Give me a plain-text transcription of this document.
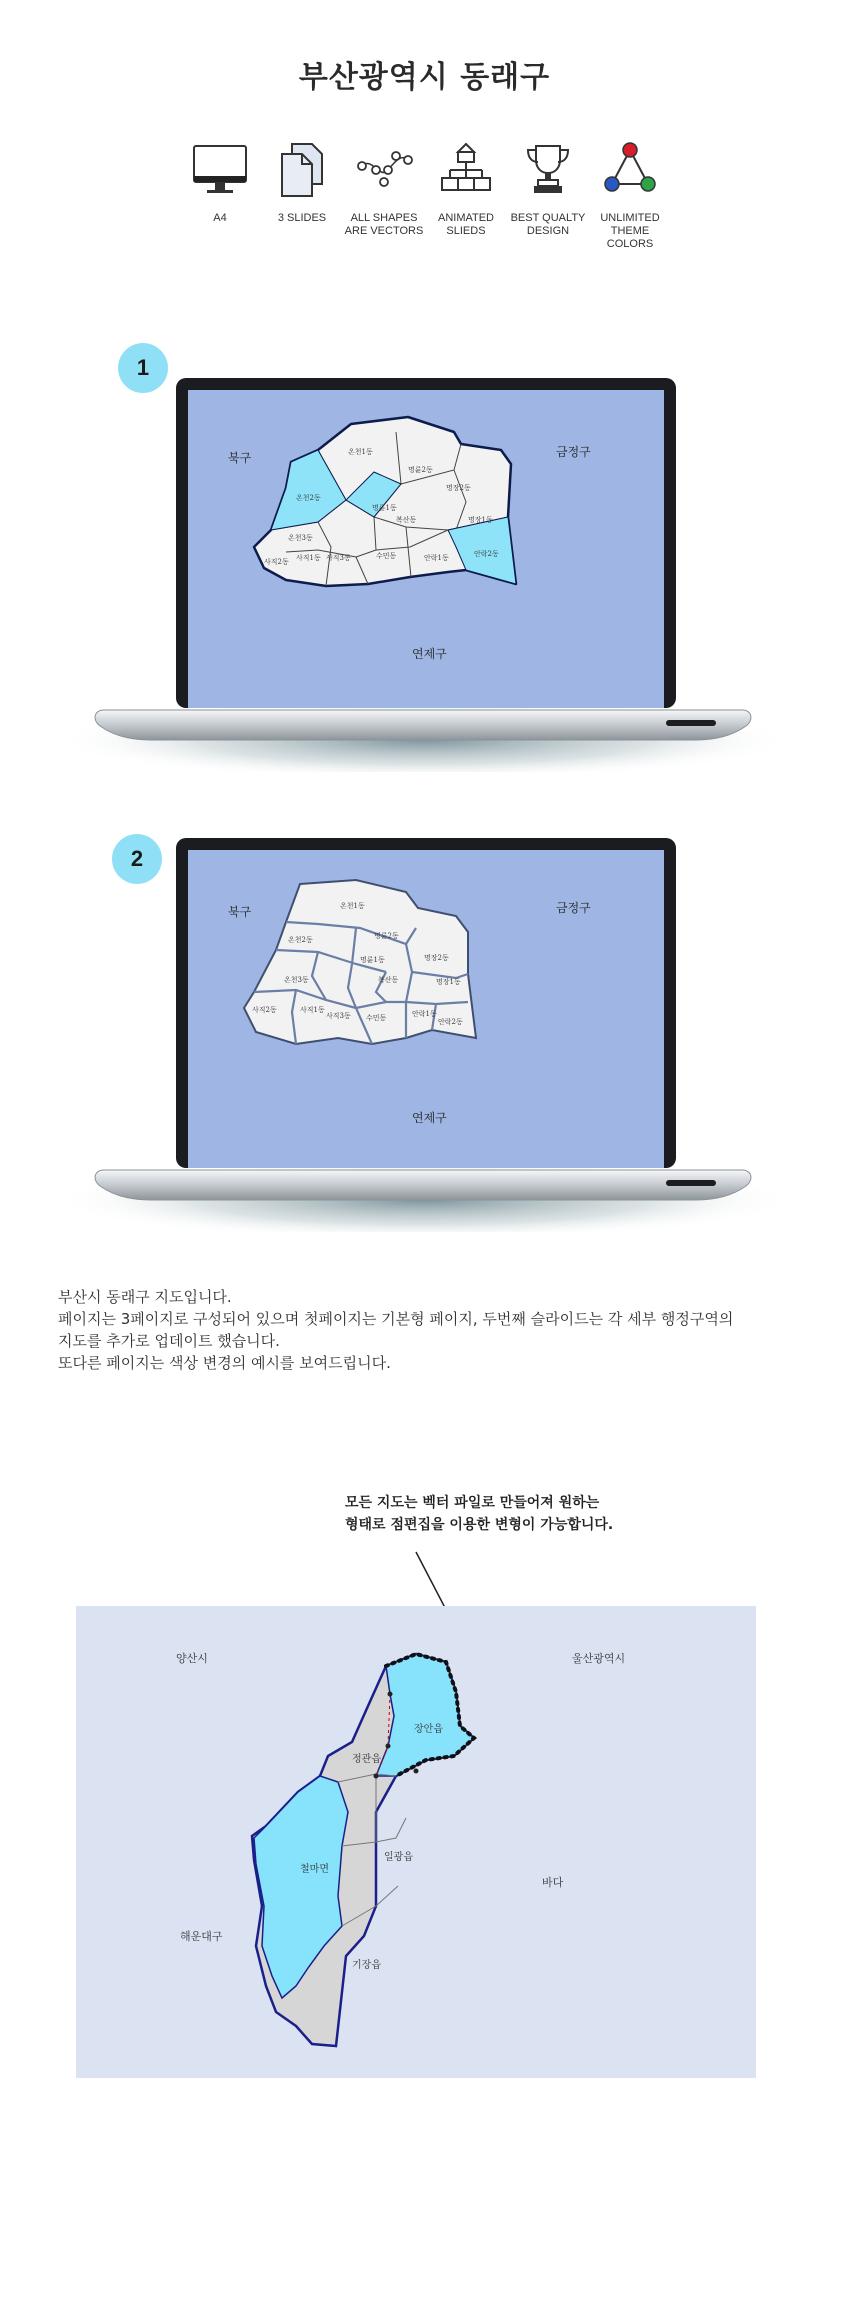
부산광역시 동래구
A4	3 SLIDES	ALL SHAPES ARE VECTORS
ANIMATED SLIEDS
BEST QUALTY DESIGN
UNLIMITED THEME COLORS
1
온천1동
온천2동
온천3동
명륜2동
명륜1동
복산동
명장2동
명장1동
수민동
사직1동
사직2동	사직3동	안락1동	안락2동
북구	금정구
연제구
2
온천1동
온천2동
온천3동
명륜2동
명륜1동
복산동
명장2동
명장1동
수민동
사직1동
사직2동
사직3동	안락1동
안락2동
북구	금정구
연제구
부산시 동래구 지도입니다.
페이지는 3페이지로 구성되어 있으며 첫페이지는 기본형 페이지, 두번째 슬라이드는 각 세부 행정구역의
지도를 추가로 업데이트 했습니다.
또다른 페이지는 색상 변경의 예시를 보여드립니다.
모든 지도는 벡터 파일로 만들어져 원하는
형태로 점편집을 이용한 변형이 가능합니다.
양산시	울산광역시
해운대구
바다
장안읍
철마면
정관읍
일광읍
기장읍
